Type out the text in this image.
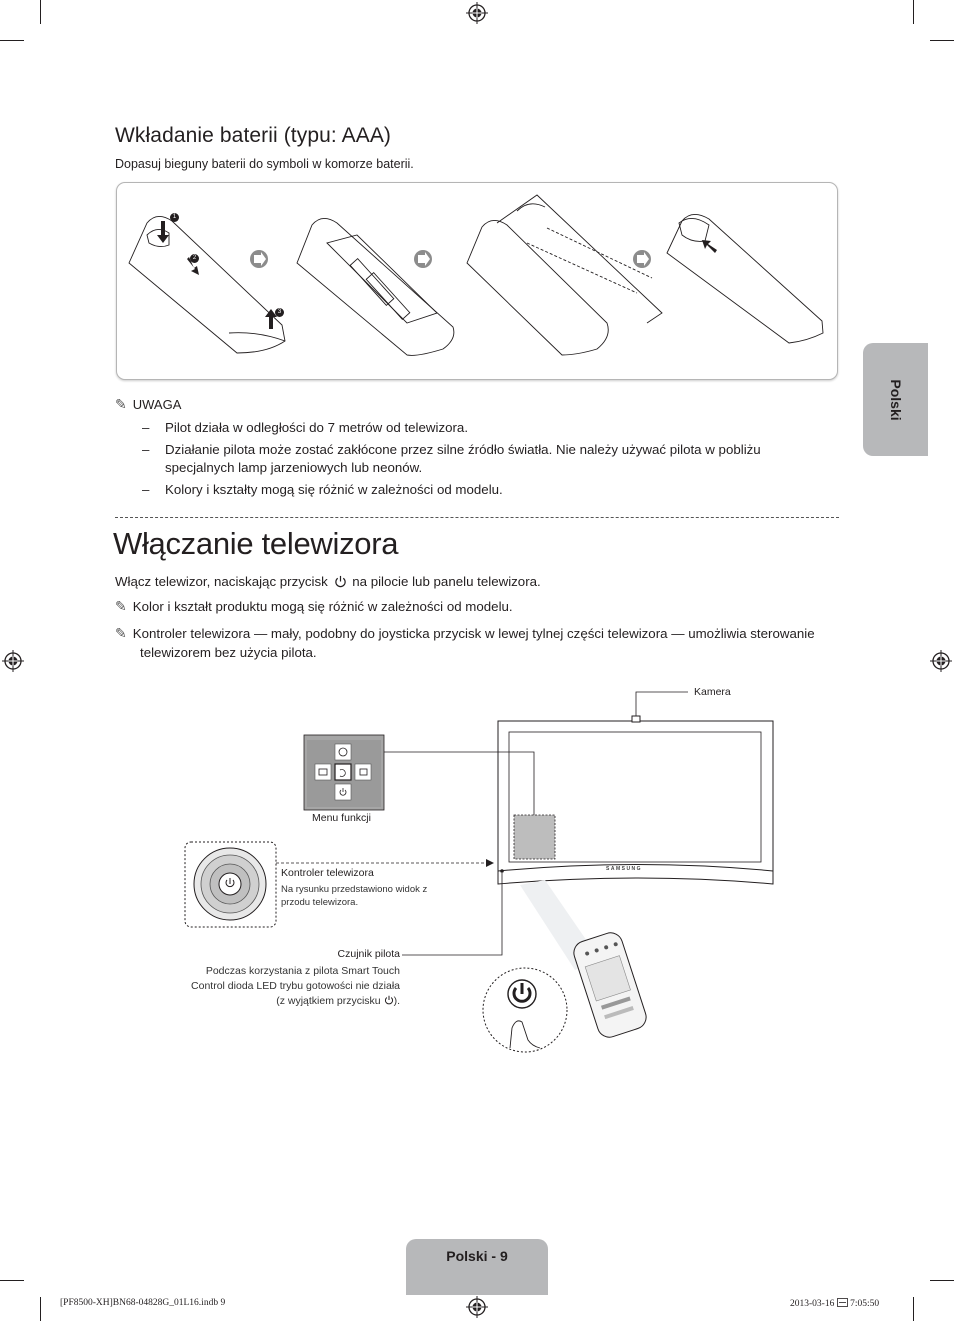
Wkładanie baterii (typu: AAA)
Dopasuj bieguny baterii do symboli w komorze baterii.
1
2
3
✎ UWAGA
– Pilot działa w odległości do 7 metrów od telewizora.
– Działanie pilota może zostać zakłócone przez silne źródło światła. Nie należy używać pilota w pobliżu specjalnych lamp jarzeniowych lub neonów.
– Kolory i kształty mogą się różnić w zależności od modelu.
Włączanie telewizora
Włącz telewizor, naciskając przycisk na pilocie lub panelu telewizora.
✎ Kolor i kształt produktu mogą się różnić w zależności od modelu.
✎ Kontroler telewizora — mały, podobny do joysticka przycisk w lewej tylnej części telewizora — umożliwia sterowanie telewizorem bez użycia pilota.
Kamera
Menu funkcji
Kontroler telewizora
Na rysunku przedstawiono widok z przodu telewizora.
SAMSUNG
Czujnik pilota
Podczas korzystania z pilota Smart Touch
Control dioda LED trybu gotowości nie działa
(z wyjątkiem przycisku ).
Polski
Polski - 9
[PF8500-XH]BN68-04828G_01L16.indb 9	2013-03-16  7:05:50
